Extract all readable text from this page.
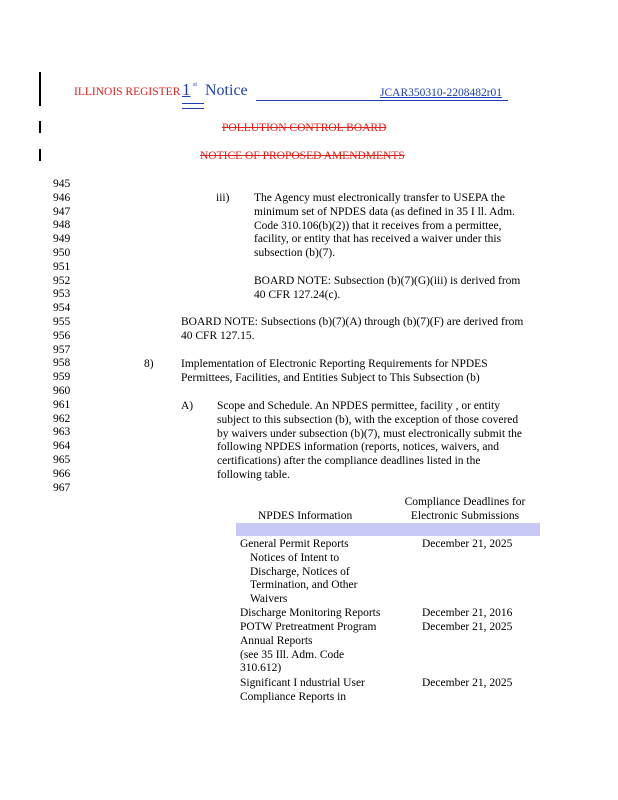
ILLINOIS REGISTER 1 st Notice	JCAR350310-2208482r01
POLLUTION CONTROL BOARD
NOTICE OF PROPOSED AMENDMENTS
945
946
947
948
949
950
951
952
953
954
955
956
957
958
959
960
961
962
963
964
965
966
967
iii) The Agency must electronically transfer to USEPA the
minimum set of NPDES data (as defined in 35 I ll. Adm.
Code 310.106(b)(2)) that it receives from a permittee,
facility, or entity that has received a waiver under this
subsection (b)(7).
BOARD NOTE: Subsection (b)(7)(G)(iii) is derived from
40 CFR 127.24(c).
BOARD NOTE: Subsections (b)(7)(A) through (b)(7)(F) are derived from
40 CFR 127.15.
8) Implementation of Electronic Reporting Requirements for NPDES
Permittees, Facilities, and Entities Subject to This Subsection (b)
A) Scope and Schedule. An NPDES permittee, facility , or entity
subject to this subsection (b), with the exception of those covered
by waivers under subsection (b)(7), must electronically submit the
following NPDES information (reports, notices, waivers, and
certifications) after the compliance deadlines listed in the
following table.
NPDES Information
Compliance Deadlines for
Electronic Submissions
General Permit Reports
Notices of Intent to
Discharge, Notices of
Termination, and Other
Waivers
December 21, 2025
Discharge Monitoring Reports	December 21, 2016
POTW Pretreatment Program
Annual Reports
(see 35 Ill. Adm. Code
310.612)
December 21, 2025
Significant I ndustrial User
Compliance Reports in
December 21, 2025
